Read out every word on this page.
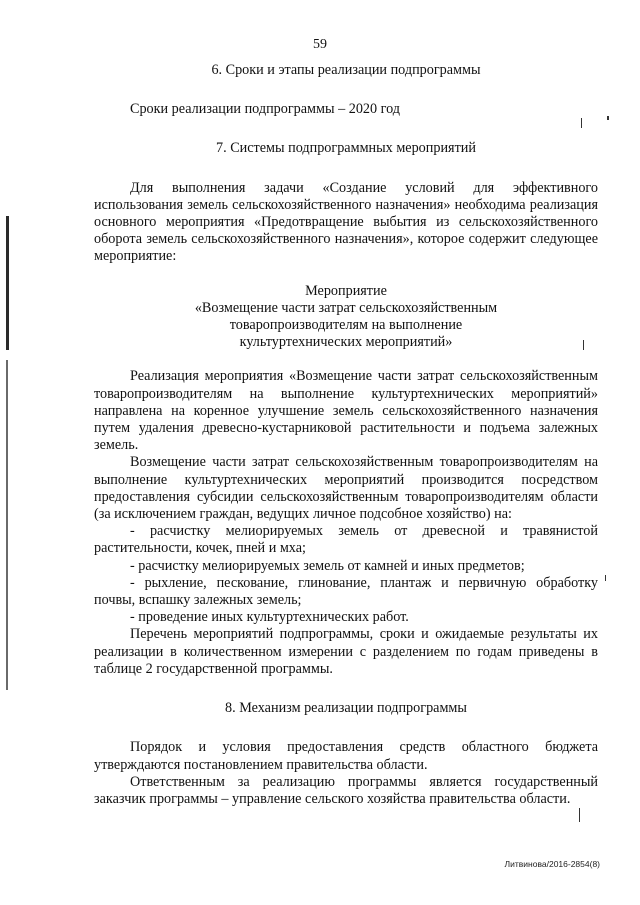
59
6. Сроки и этапы реализации подпрограммы
Сроки реализации подпрограммы – 2020 год
7. Системы подпрограммных мероприятий

Для выполнения задачи «Создание условий для эффективного использования земель сельскохозяйственного назначения» необходима реализация основного мероприятия «Предотвращение выбытия из сельскохозяйственного оборота земель сельскохозяйственного назначения», которое содержит следующее мероприятие:

Мероприятие
«Возмещение части затрат сельскохозяйственным
товаропроизводителям на выполнение
культуртехнических мероприятий»

Реализация мероприятия «Возмещение части затрат сельскохозяйственным товаропроизводителям на выполнение культуртехнических мероприятий» направлена на коренное улучшение земель сельскохозяйственного назначения путем удаления древесно-кустарниковой растительности и подъема залежных земель.

Возмещение части затрат сельскохозяйственным товаропроизводителям на выполнение культуртехнических мероприятий производится посредством предоставления субсидии сельскохозяйственным товаропроизводителям области (за исключением граждан, ведущих личное подсобное хозяйство) на:

- расчистку мелиорируемых земель от древесной и травянистой растительности, кочек, пней и мха;

- расчистку мелиорируемых земель от камней и иных предметов;

- рыхление, пескование, глинование, плантаж и первичную обработку почвы, вспашку залежных земель;

- проведение иных культуртехнических работ.

Перечень мероприятий подпрограммы, сроки и ожидаемые результаты их реализации в количественном измерении с разделением по годам приведены в таблице 2 государственной программы.

8. Механизм реализации подпрограммы

Порядок и условия предоставления средств областного бюджета утверждаются постановлением правительства области.

Ответственным за реализацию программы является государственный заказчик программы – управление сельского хозяйства правительства области.

Литвинова/2016-2854(8)
